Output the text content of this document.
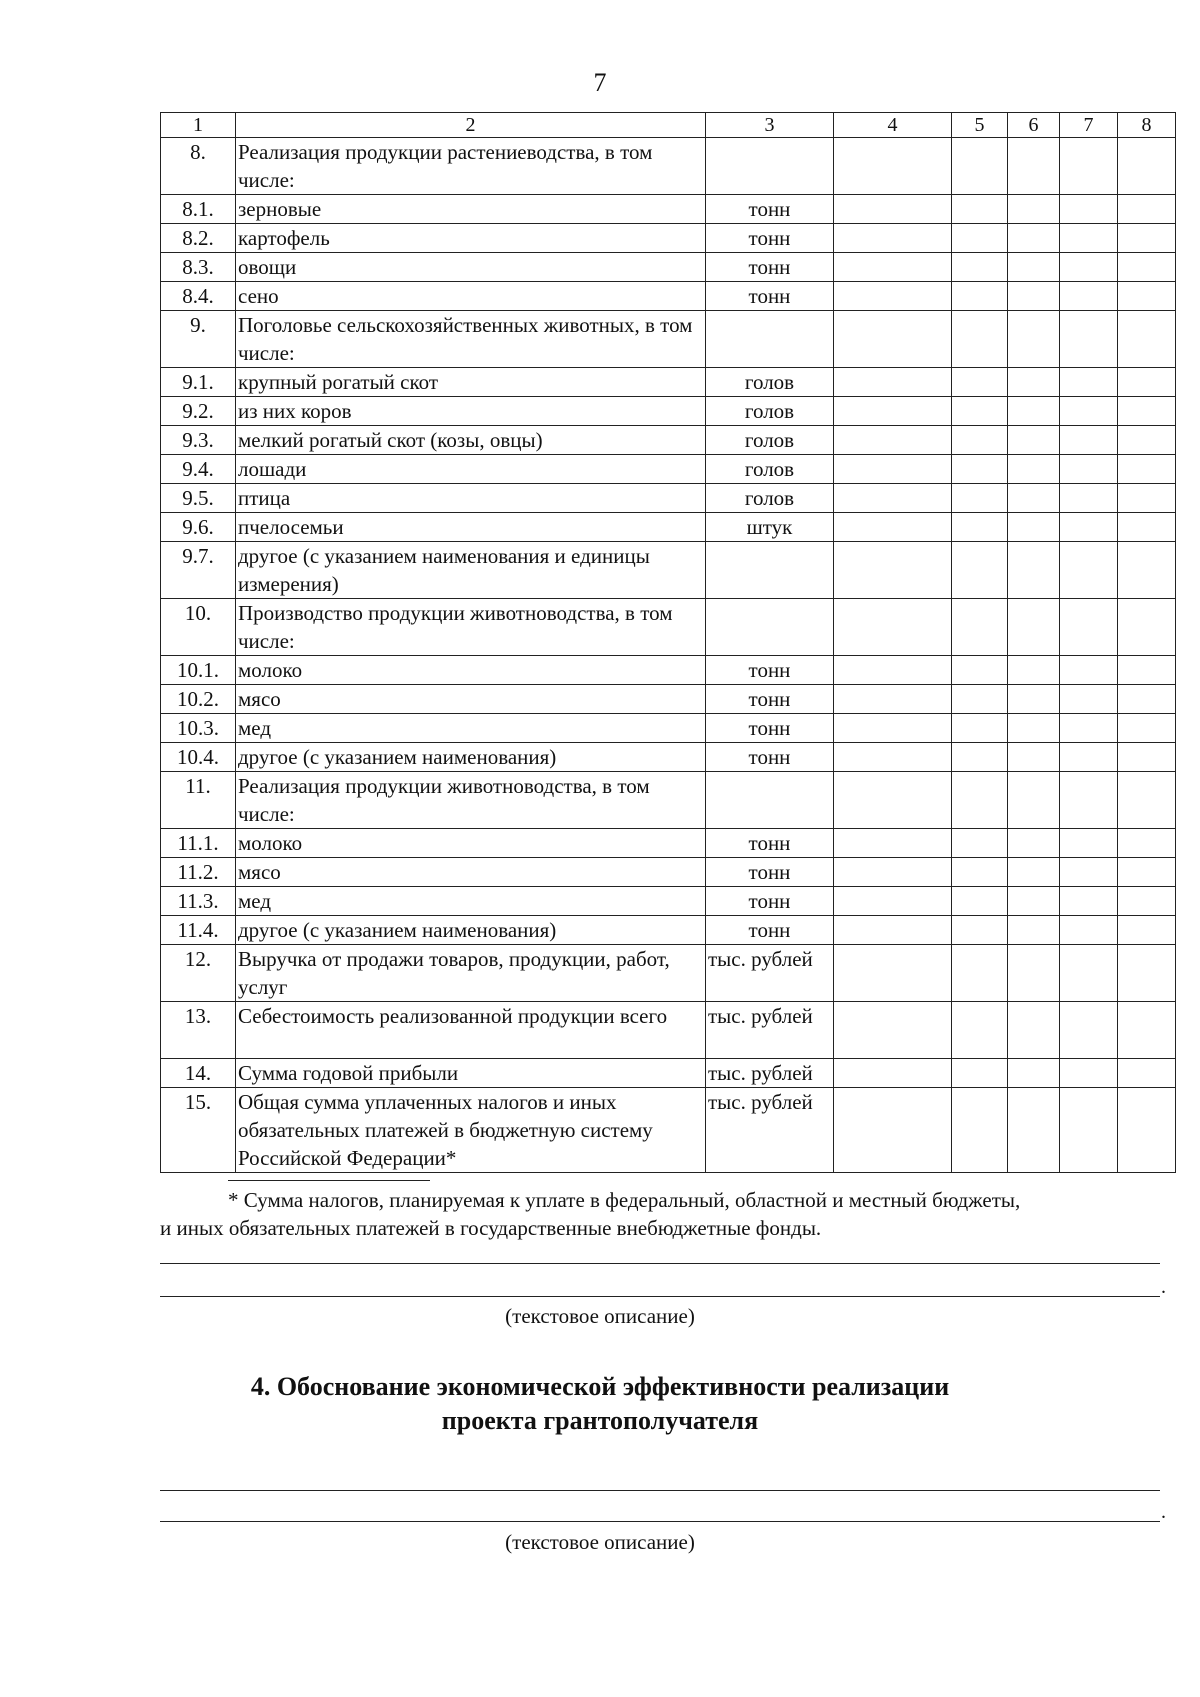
7
1	2	3	4	5	6	7	8
8.	Реализация продукции растениеводства, в том числе:						
8.1.	зерновые	тонн					
8.2.	картофель	тонн					
8.3.	овощи	тонн					
8.4.	сено	тонн					
9.	Поголовье сельскохозяйственных животных, в том числе:						
9.1.	крупный рогатый скот	голов					
9.2.	из них коров	голов					
9.3.	мелкий рогатый скот (козы, овцы)	голов					
9.4.	лошади	голов					
9.5.	птица	голов					
9.6.	пчелосемьи	штук					
9.7.	другое (с указанием наименования и единицы измерения)						
10.	Производство продукции животноводства, в том числе:						
10.1.	молоко	тонн					
10.2.	мясо	тонн					
10.3.	мед	тонн					
10.4.	другое (с указанием наименования)	тонн					
11.	Реализация продукции животноводства, в том числе:						
11.1.	молоко	тонн					
11.2.	мясо	тонн					
11.3.	мед	тонн					
11.4.	другое (с указанием наименования)	тонн					
12.	Выручка от продажи товаров, продукции, работ, услуг	тыс. рублей					
13.	Себестоимость реализованной продукции всего	тыс. рублей					
14.	Сумма годовой прибыли	тыс. рублей					
15.	Общая сумма уплаченных налогов и иных обязательных платежей в бюджетную систему Российской Федерации*	тыс. рублей					
* Сумма налогов, планируемая к уплате в федеральный, областной и местный бюджеты,
и иных обязательных платежей в государственные внебюджетные фонды.
.
(текстовое описание)
4. Обоснование экономической эффективности реализации
проекта грантополучателя
.
(текстовое описание)
